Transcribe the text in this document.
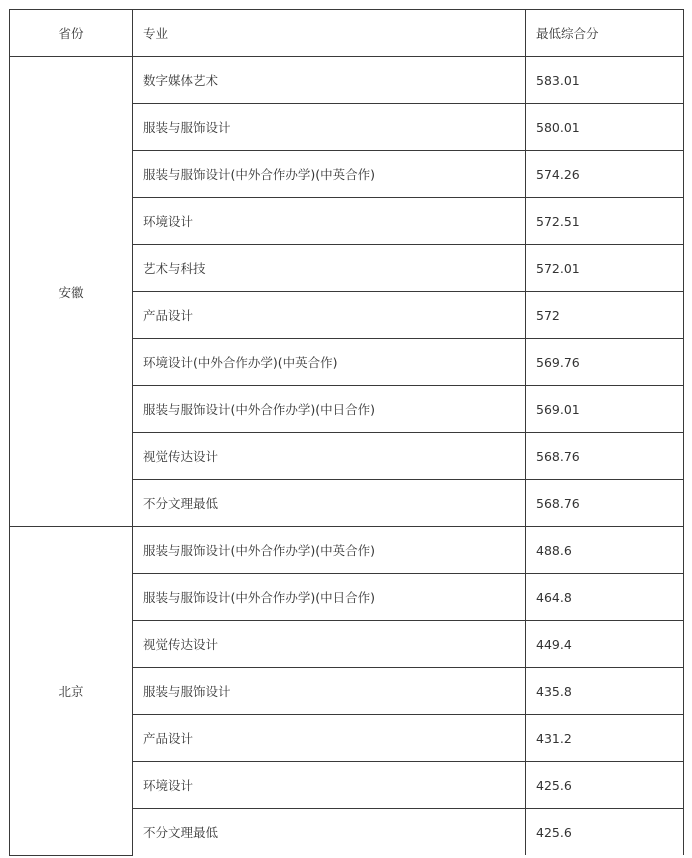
省份	专业	最低综合分
安徽	数字媒体艺术	583.01
	服装与服饰设计	580.01
	服装与服饰设计(中外合作办学)(中英合作)	574.26
	环境设计	572.51
	艺术与科技	572.01
	产品设计	572
	环境设计(中外合作办学)(中英合作)	569.76
	服装与服饰设计(中外合作办学)(中日合作)	569.01
	视觉传达设计	568.76
	不分文理最低	568.76
北京	服装与服饰设计(中外合作办学)(中英合作)	488.6
	服装与服饰设计(中外合作办学)(中日合作)	464.8
	视觉传达设计	449.4
	服装与服饰设计	435.8
	产品设计	431.2
	环境设计	425.6
	不分文理最低	425.6
